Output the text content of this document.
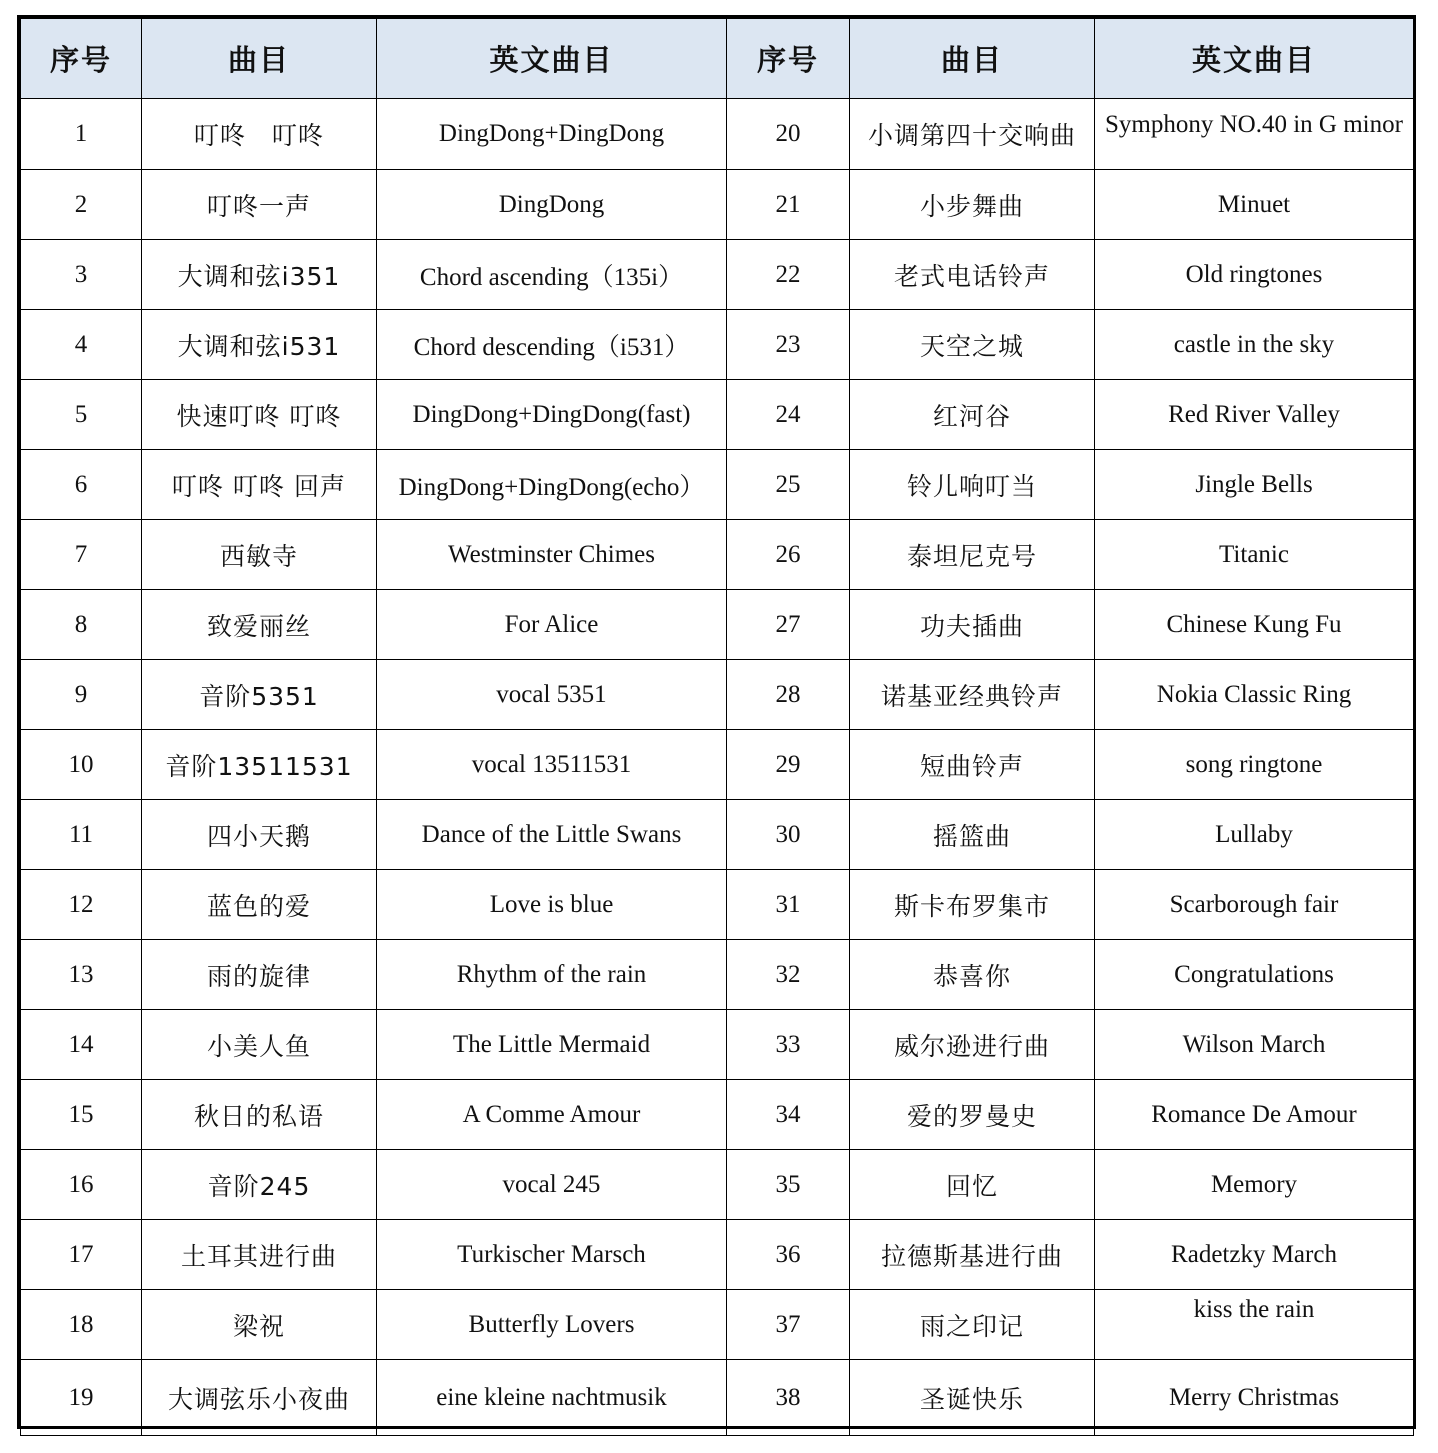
序号	曲目	英文曲目	序号	曲目	英文曲目
1	叮咚　叮咚	DingDong+DingDong	20	小调第四十交响曲	Symphony NO.40 in G minor

2	叮咚一声	DingDong	21	小步舞曲	Minuet
3	大调和弦i351	Chord ascending（135i）	22	老式电话铃声	Old ringtones
4	大调和弦i531	Chord descending（i531）	23	天空之城	castle in the sky
5	快速叮咚 叮咚	DingDong+DingDong(fast)	24	红河谷	Red River Valley
6	叮咚 叮咚 回声	DingDong+DingDong(echo）	25	铃儿响叮当	Jingle Bells
7	西敏寺	Westminster Chimes	26	泰坦尼克号	Titanic
8	致爱丽丝	For Alice	27	功夫插曲	Chinese Kung Fu
9	音阶5351	vocal 5351	28	诺基亚经典铃声	Nokia Classic Ring
10	音阶13511531	vocal 13511531	29	短曲铃声	song ringtone
11	四小天鹅	Dance of the Little Swans	30	摇篮曲	Lullaby
12	蓝色的爱	Love is blue	31	斯卡布罗集市	Scarborough fair
13	雨的旋律	Rhythm of the rain	32	恭喜你	Congratulations
14	小美人鱼	The Little Mermaid	33	威尔逊进行曲	Wilson March
15	秋日的私语	A Comme Amour	34	爱的罗曼史	Romance De Amour
16	音阶245	vocal 245	35	回忆	Memory
17	土耳其进行曲	Turkischer Marsch	36	拉德斯基进行曲	Radetzky March
18	梁祝	Butterfly Lovers	37	雨之印记	kiss the rain
19	大调弦乐小夜曲	eine kleine nachtmusik	38	圣诞快乐	Merry Christmas
